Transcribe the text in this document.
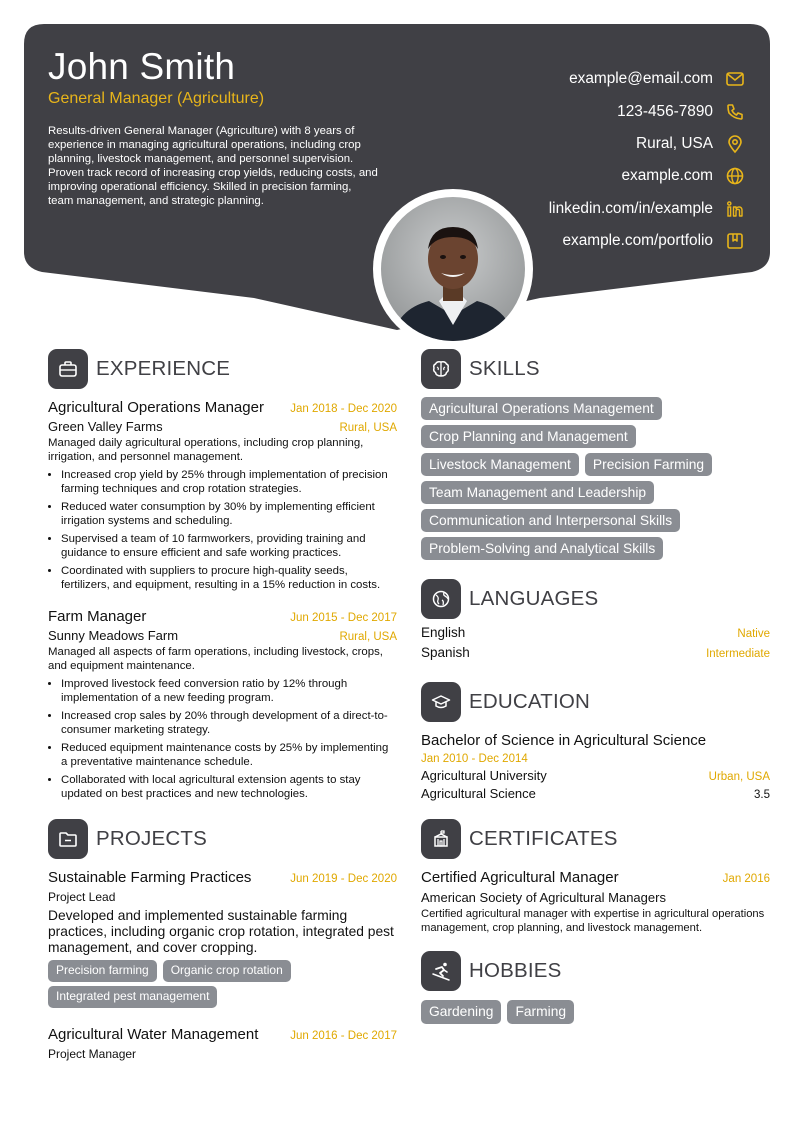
John Smith
General Manager (Agriculture)
Results-driven General Manager (Agriculture) with 8 years of experience in managing agricultural operations, including crop planning, livestock management, and personnel supervision. Proven track record of increasing crop yields, reducing costs, and improving operational efficiency. Skilled in precision farming, team management, and strategic planning.
example@email.com
123-456-7890
Rural, USA
example.com
linkedin.com/in/example
example.com/portfolio
EXPERIENCE
Agricultural Operations Manager Jan 2018 - Dec 2020
Green Valley Farms	Rural, USA
Managed daily agricultural operations, including crop planning, irrigation, and personnel management.
• Increased crop yield by 25% through implementation of precision farming techniques and crop rotation strategies.
• Reduced water consumption by 30% by implementing efficient irrigation systems and scheduling.
• Supervised a team of 10 farmworkers, providing training and guidance to ensure efficient and safe working practices.
• Coordinated with suppliers to procure high-quality seeds, fertilizers, and equipment, resulting in a 15% reduction in costs.
Farm Manager	Jun 2015 - Dec 2017
Sunny Meadows Farm	Rural, USA
Managed all aspects of farm operations, including livestock, crops, and equipment maintenance.
• Improved livestock feed conversion ratio by 12% through implementation of a new feeding program.
• Increased crop sales by 20% through development of a direct-to-consumer marketing strategy.
• Reduced equipment maintenance costs by 25% by implementing a preventative maintenance schedule.
• Collaborated with local agricultural extension agents to stay updated on best practices and new technologies.
PROJECTS
Sustainable Farming Practices	Jun 2019 - Dec 2020
Project Lead
Developed and implemented sustainable farming practices, including organic crop rotation, integrated pest management, and cover cropping.
Precision farming Organic crop rotation
Integrated pest management
Agricultural Water Management	Jun 2016 - Dec 2017
Project Manager
SKILLS
Agricultural Operations Management
Crop Planning and Management
Livestock Management Precision Farming
Team Management and Leadership
Communication and Interpersonal Skills
Problem-Solving and Analytical Skills
LANGUAGES
English	Native
Spanish	Intermediate
EDUCATION
Bachelor of Science in Agricultural Science
Jan 2010 - Dec 2014
Agricultural University	Urban, USA
Agricultural Science	3.5
CERTIFICATES
Certified Agricultural Manager	Jan 2016
American Society of Agricultural Managers
Certified agricultural manager with expertise in agricultural operations management, crop planning, and livestock management.
HOBBIES
Gardening Farming
